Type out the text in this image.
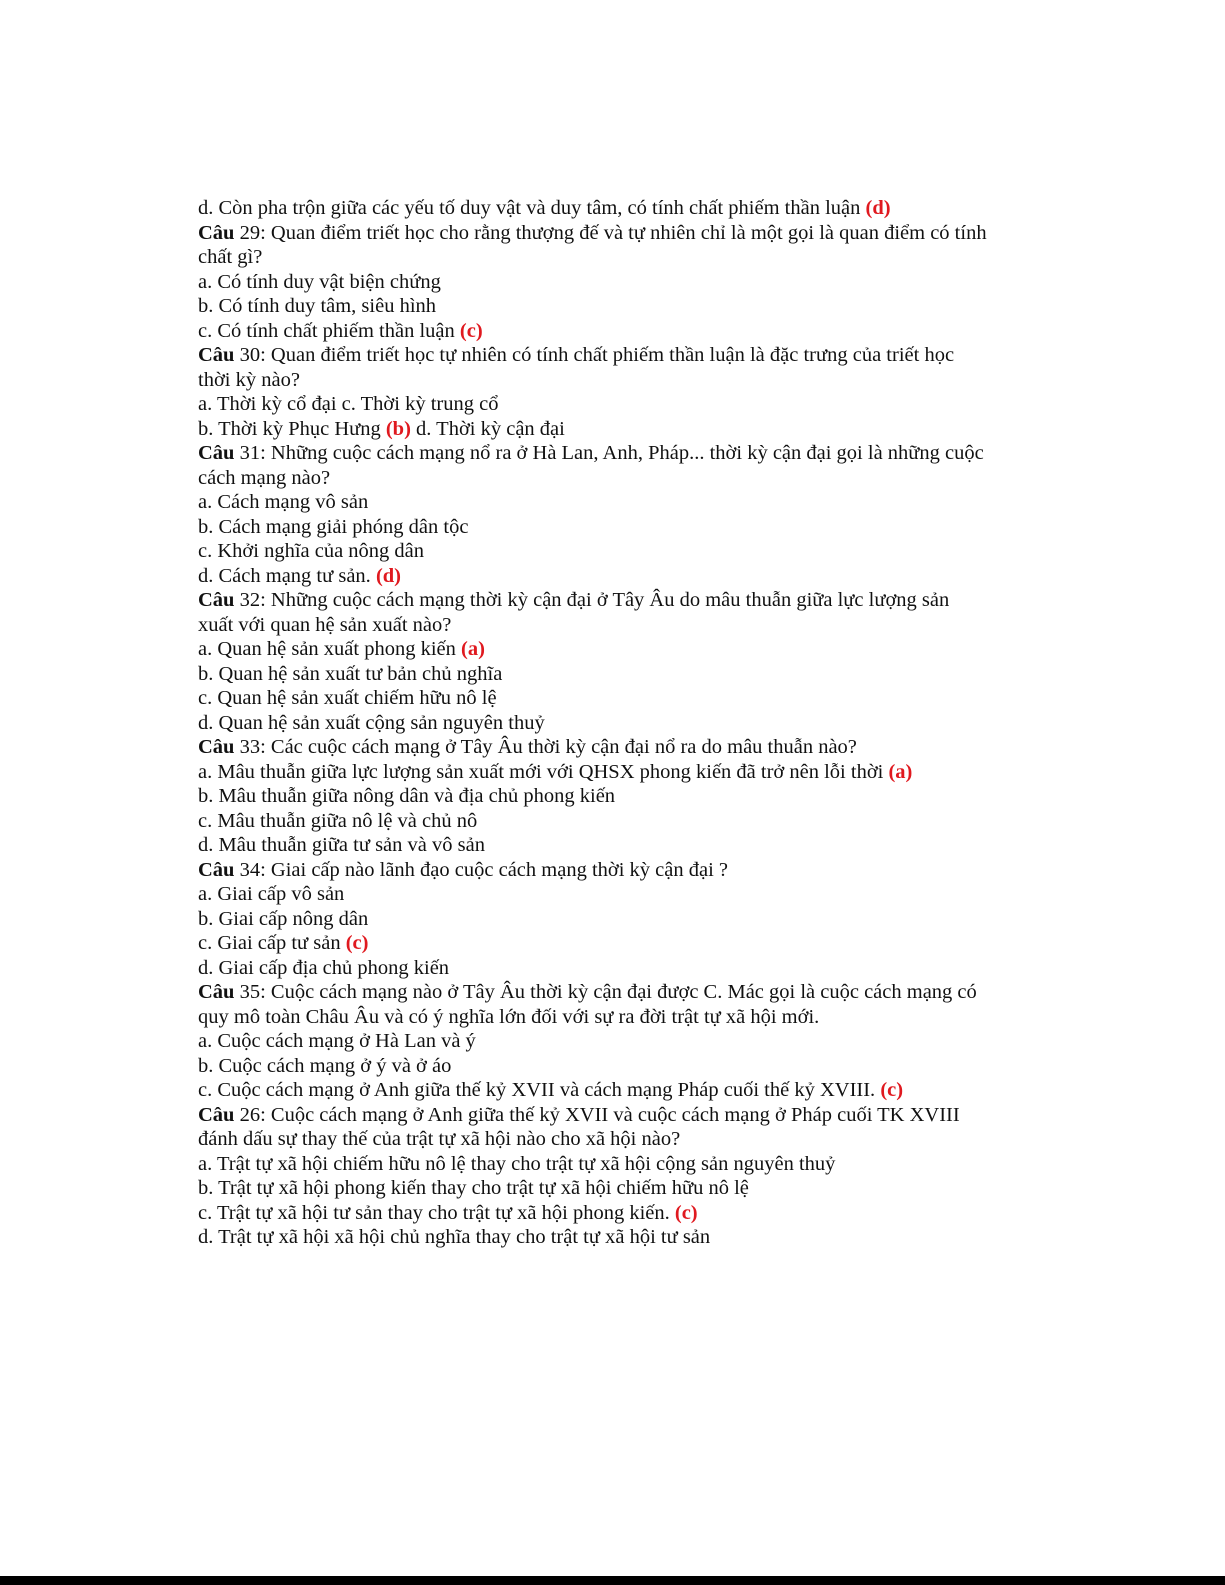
d. Còn pha trộn giữa các yếu tố duy vật và duy tâm, có tính chất phiếm thần luận (d)
Câu 29: Quan điểm triết học cho rằng thượng đế và tự nhiên chỉ là một gọi là quan điểm có tính
chất gì?
a. Có tính duy vật biện chứng
b. Có tính duy tâm, siêu hình
c. Có tính chất phiếm thần luận (c)
Câu 30: Quan điểm triết học tự nhiên có tính chất phiếm thần luận là đặc trưng của triết học
thời kỳ nào?
a. Thời kỳ cổ đại c. Thời kỳ trung cổ
b. Thời kỳ Phục Hưng (b) d. Thời kỳ cận đại
Câu 31: Những cuộc cách mạng nổ ra ở Hà Lan, Anh, Pháp... thời kỳ cận đại gọi là những cuộc
cách mạng nào?
a. Cách mạng vô sản
b. Cách mạng giải phóng dân tộc
c. Khởi nghĩa của nông dân
d. Cách mạng tư sản. (d)
Câu 32: Những cuộc cách mạng thời kỳ cận đại ở Tây Âu do mâu thuẫn giữa lực lượng sản
xuất với quan hệ sản xuất nào?
a. Quan hệ sản xuất phong kiến (a)
b. Quan hệ sản xuất tư bản chủ nghĩa
c. Quan hệ sản xuất chiếm hữu nô lệ
d. Quan hệ sản xuất cộng sản nguyên thuỷ
Câu 33: Các cuộc cách mạng ở Tây Âu thời kỳ cận đại nổ ra do mâu thuẫn nào?
a. Mâu thuẫn giữa lực lượng sản xuất mới với QHSX phong kiến đã trở nên lỗi thời (a)
b. Mâu thuẫn giữa nông dân và địa chủ phong kiến
c. Mâu thuẫn giữa nô lệ và chủ nô
d. Mâu thuẫn giữa tư sản và vô sản
Câu 34: Giai cấp nào lãnh đạo cuộc cách mạng thời kỳ cận đại ?
a. Giai cấp vô sản
b. Giai cấp nông dân
c. Giai cấp tư sản (c)
d. Giai cấp địa chủ phong kiến
Câu 35: Cuộc cách mạng nào ở Tây Âu thời kỳ cận đại được C. Mác gọi là cuộc cách mạng có
quy mô toàn Châu Âu và có ý nghĩa lớn đối với sự ra đời trật tự xã hội mới.
a. Cuộc cách mạng ở Hà Lan và ý
b. Cuộc cách mạng ở ý và ở áo
c. Cuộc cách mạng ở Anh giữa thế kỷ XVII và cách mạng Pháp cuối thế kỷ XVIII. (c)
Câu 26: Cuộc cách mạng ở Anh giữa thế kỷ XVII và cuộc cách mạng ở Pháp cuối TK XVIII
đánh dấu sự thay thế của trật tự xã hội nào cho xã hội nào?
a. Trật tự xã hội chiếm hữu nô lệ thay cho trật tự xã hội cộng sản nguyên thuỷ
b. Trật tự xã hội phong kiến thay cho trật tự xã hội chiếm hữu nô lệ
c. Trật tự xã hội tư sản thay cho trật tự xã hội phong kiến. (c)
d. Trật tự xã hội xã hội chủ nghĩa thay cho trật tự xã hội tư sản
